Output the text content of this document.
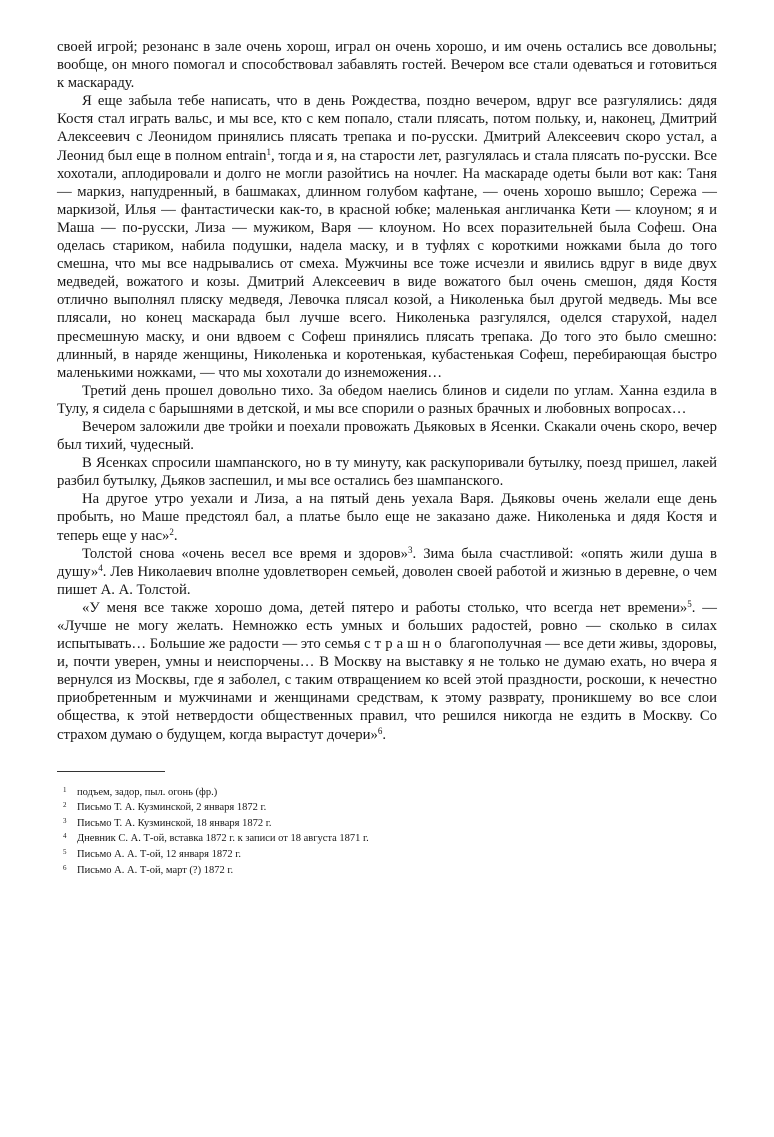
своей игрой; резонанс в зале очень хорош, играл он очень хорошо, и им очень остались все довольны; вообще, он много помогал и способствовал забавлять гостей. Вечером все стали одеваться и готовиться к маскараду.

Я еще забыла тебе написать, что в день Рождества, поздно вечером, вдруг все разгулялись: дядя Костя стал играть вальс, и мы все, кто с кем попало, стали плясать, потом польку, и, наконец, Дмитрий Алексеевич с Леонидом принялись плясать трепака и по-русски. Дмитрий Алексеевич скоро устал, а Леонид был еще в полном entrain$^1$, тогда и я, на старости лет, разгулялась и стала плясать по-русски. Все хохотали, аплодировали и долго не могли разойтись на ночлег. На маскараде одеты были вот как: Таня — маркиз, напудренный, в башмаках, длинном голубом кафтане, — очень хорошо вышло; Сережа — маркизой, Илья — фантастически как-то, в красной юбке; маленькая англичанка Кети — клоуном; я и Маша — по-русски, Лиза — мужиком, Варя — клоуном. Но всех поразительней была Софеш. Она оделась стариком, набила подушки, надела маску, и в туфлях с короткими ножками была до того смешна, что мы все надрывались от смеха. Мужчины все тоже исчезли и явились вдруг в виде двух медведей, вожатого и козы. Дмитрий Алексеевич в виде вожатого был очень смешон, дядя Костя отлично выполнял пляску медведя, Левочка плясал козой, а Николенька был другой медведь. Мы все плясали, но конец маскарада был лучше всего. Николенька разгулялся, оделся старухой, надел пресмешную маску, и они вдвоем с Софеш принялись плясать трепака. До того это было смешно: длинный, в наряде женщины, Николенька и коротенькая, кубастенькая Софеш, перебирающая быстро маленькими ножками, — что мы хохотали до изнеможения…

Третий день прошел довольно тихо. За обедом наелись блинов и сидели по углам. Ханна ездила в Тулу, я сидела с барышнями в детской, и мы все спорили о разных брачных и любовных вопросах…

Вечером заложили две тройки и поехали провожать Дьяковых в Ясенки. Скакали очень скоро, вечер был тихий, чудесный.

В Ясенках спросили шампанского, но в ту минуту, как раскупоривали бутылку, поезд пришел, лакей разбил бутылку, Дьяков заспешил, и мы все остались без шампанского.

На другое утро уехали и Лиза, а на пятый день уехала Варя. Дьяковы очень желали еще день пробыть, но Маше предстоял бал, а платье было еще не заказано даже. Николенька и дядя Костя и теперь еще у нас»$^2$.

Толстой снова «очень весел все время и здоров»$^3$. Зима была счастливой: «опять жили душа в душу»$^4$. Лев Николаевич вполне удовлетворен семьей, доволен своей работой и жизнью в деревне, о чем пишет А. А. Толстой.

«У меня все также хорошо дома, детей пятеро и работы столько, что всегда нет времени»$^5$. — «Лучше не могу желать. Немножко есть умных и больших радостей, ровно — сколько в силах испытывать… Большие же радости — это семья страшно благополучная — все дети живы, здоровы, и, почти уверен, умны и неиспорчены… В Москву на выставку я не только не думаю ехать, но вчера я вернулся из Москвы, где я заболел, с таким отвращением ко всей этой праздности, роскоши, к нечестно приобретенным и мужчинами и женщинами средствам, к этому разврату, проникшему во все слои общества, к этой нетвердости общественных правил, что решился никогда не ездить в Москву. Со страхом думаю о будущем, когда вырастут дочери»$^6$.

1 подъем, задор, пыл. огонь (фр.)
2 Письмо Т. А. Кузминской, 2 января 1872 г.
3 Письмо Т. А. Кузминской, 18 января 1872 г.
4 Дневник С. А. Т-ой, вставка 1872 г. к записи от 18 августа 1871 г.
5 Письмо А. А. Т-ой, 12 января 1872 г.
6 Письмо А. А. Т-ой, март (?) 1872 г.
